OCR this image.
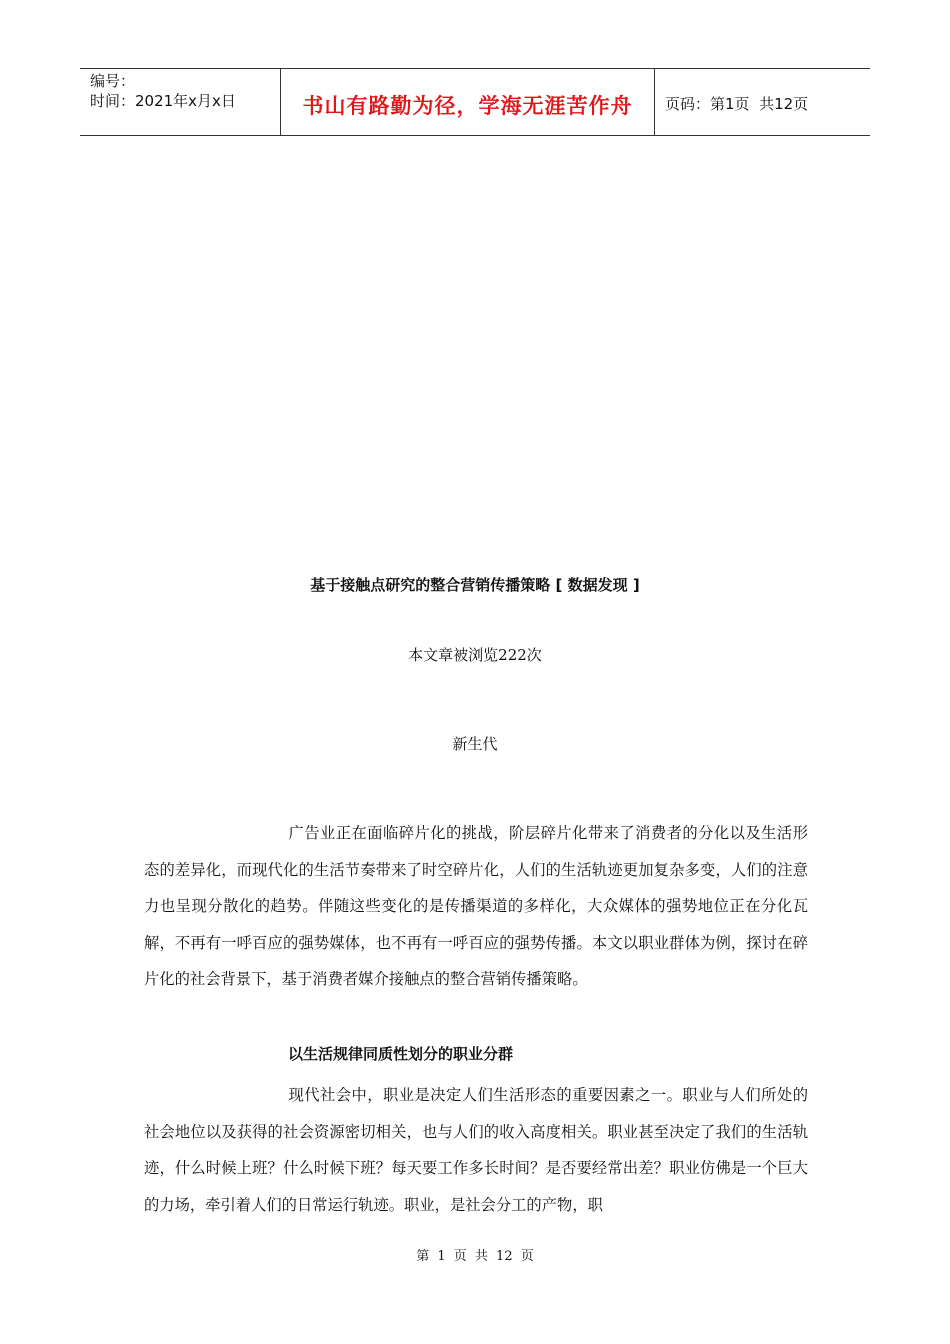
编号：
时间：2021年x月x日	书山有路勤为径，学海无涯苦作舟 页码：第1页  共12页
基于接触点研究的整合营销传播策略 [ 数据发现 ]
本文章被浏览222次
新生代
广告业正在面临碎片化的挑战，阶层碎片化带来了消费者的分化以及生活形态的差异化，而现代化的生活节奏带来了时空碎片化，人们的生活轨迹更加复杂多变，人们的注意力也呈现分散化的趋势。伴随这些变化的是传播渠道的多样化，大众媒体的强势地位正在分化瓦解，不再有一呼百应的强势媒体，也不再有一呼百应的强势传播。本文以职业群体为例，探讨在碎片化的社会背景下，基于消费者媒介接触点的整合营销传播策略。
以生活规律同质性划分的职业分群
现代社会中，职业是决定人们生活形态的重要因素之一。职业与人们所处的社会地位以及获得的社会资源密切相关，也与人们的收入高度相关。职业甚至决定了我们的生活轨迹，什么时候上班？什么时候下班？每天要工作多长时间？是否要经常出差？职业仿佛是一个巨大的力场，牵引着人们的日常运行轨迹。职业，是社会分工的产物，职
第 1 页 共 12 页
